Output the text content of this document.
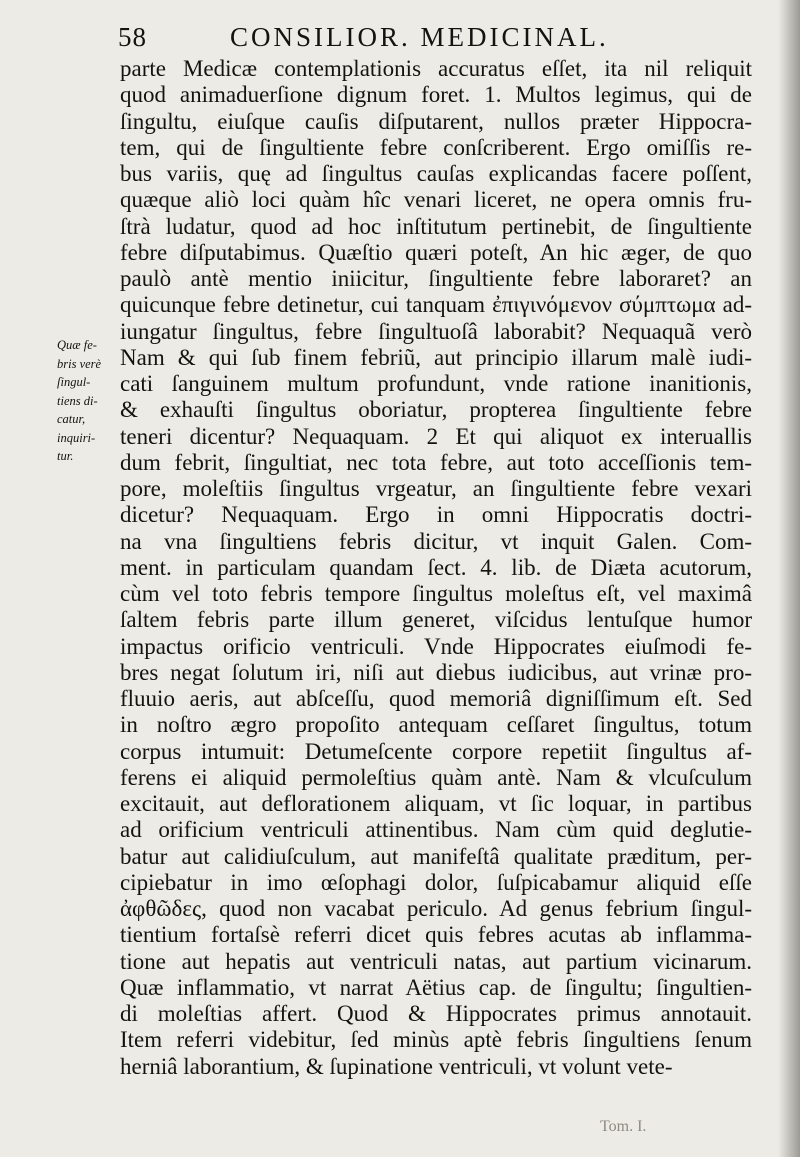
58	CONSILIOR. MEDICINAL.
parte Medicæ contemplationis accuratus eſſet, ita nil reliquit
quod animaduerſione dignum foret. 1. Multos legimus, qui de
ſingultu, eiuſque cauſis diſputarent, nullos præter Hippocra-
tem, qui de ſingultiente febre conſcriberent. Ergo omiſſis re-
bus variis, quę ad ſingultus cauſas explicandas facere poſſent,
quæque aliò loci quàm hîc venari liceret, ne opera omnis fru-
ſtrà ludatur, quod ad hoc inſtitutum pertinebit, de ſingultiente
febre diſputabimus. Quæſtio quæri poteſt, An hic æger, de quo
paulò antè mentio iniicitur, ſingultiente febre laboraret? an
quicunque febre detinetur, cui tanquam ἐπιγινόμενον σύμπτωμα ad-
iungatur ſingultus, febre ſingultuoſâ laborabit? Nequaquã verò
Nam & qui ſub finem febriũ, aut principio illarum malè iudi-
cati ſanguinem multum profundunt, vnde ratione inanitionis,
& exhauſti ſingultus oboriatur, propterea ſingultiente febre
teneri dicentur? Nequaquam. 2 Et qui aliquot ex interuallis
dum febrit, ſingultiat, nec tota febre, aut toto acceſſionis tem-
pore, moleſtiis ſingultus vrgeatur, an ſingultiente febre vexari
dicetur? Nequaquam. Ergo in omni Hippocratis doctri-
na vna ſingultiens febris dicitur, vt inquit Galen. Com-
ment. in particulam quandam ſect. 4. lib. de Diæta acutorum,
cùm vel toto febris tempore ſingultus moleſtus eſt, vel maximâ
ſaltem febris parte illum generet, viſcidus lentuſque humor
impactus orificio ventriculi. Vnde Hippocrates eiuſmodi fe-
bres negat ſolutum iri, niſi aut diebus iudicibus, aut vrinæ pro-
fluuio aeris, aut abſceſſu, quod memoriâ digniſſimum eſt. Sed
in noſtro ægro propoſito antequam ceſſaret ſingultus, totum
corpus intumuit: Detumeſcente corpore repetiit ſingultus af-
ferens ei aliquid permoleſtius quàm antè. Nam & vlcuſculum
excitauit, aut deflorationem aliquam, vt ſic loquar, in partibus
ad orificium ventriculi attinentibus. Nam cùm quid deglutie-
batur aut calidiuſculum, aut manifeſtâ qualitate præditum, per-
cipiebatur in imo œſophagi dolor, ſuſpicabamur aliquid eſſe
ἀφθῶδες, quod non vacabat periculo. Ad genus febrium ſingul-
tientium fortaſsè referri dicet quis febres acutas ab inflamma-
tione aut hepatis aut ventriculi natas, aut partium vicinarum.
Quæ inflammatio, vt narrat Aëtius cap. de ſingultu; ſingultien-
di moleſtias affert. Quod & Hippocrates primus annotauit.
Item referri videbitur, ſed minùs aptè febris ſingultiens ſenum
herniâ laborantium, & ſupinatione ventriculi, vt volunt vete-
Quæ fe-
bris verè
ſingul-
tiens di-
catur,
inquiri-
tur.
Tom. I.
